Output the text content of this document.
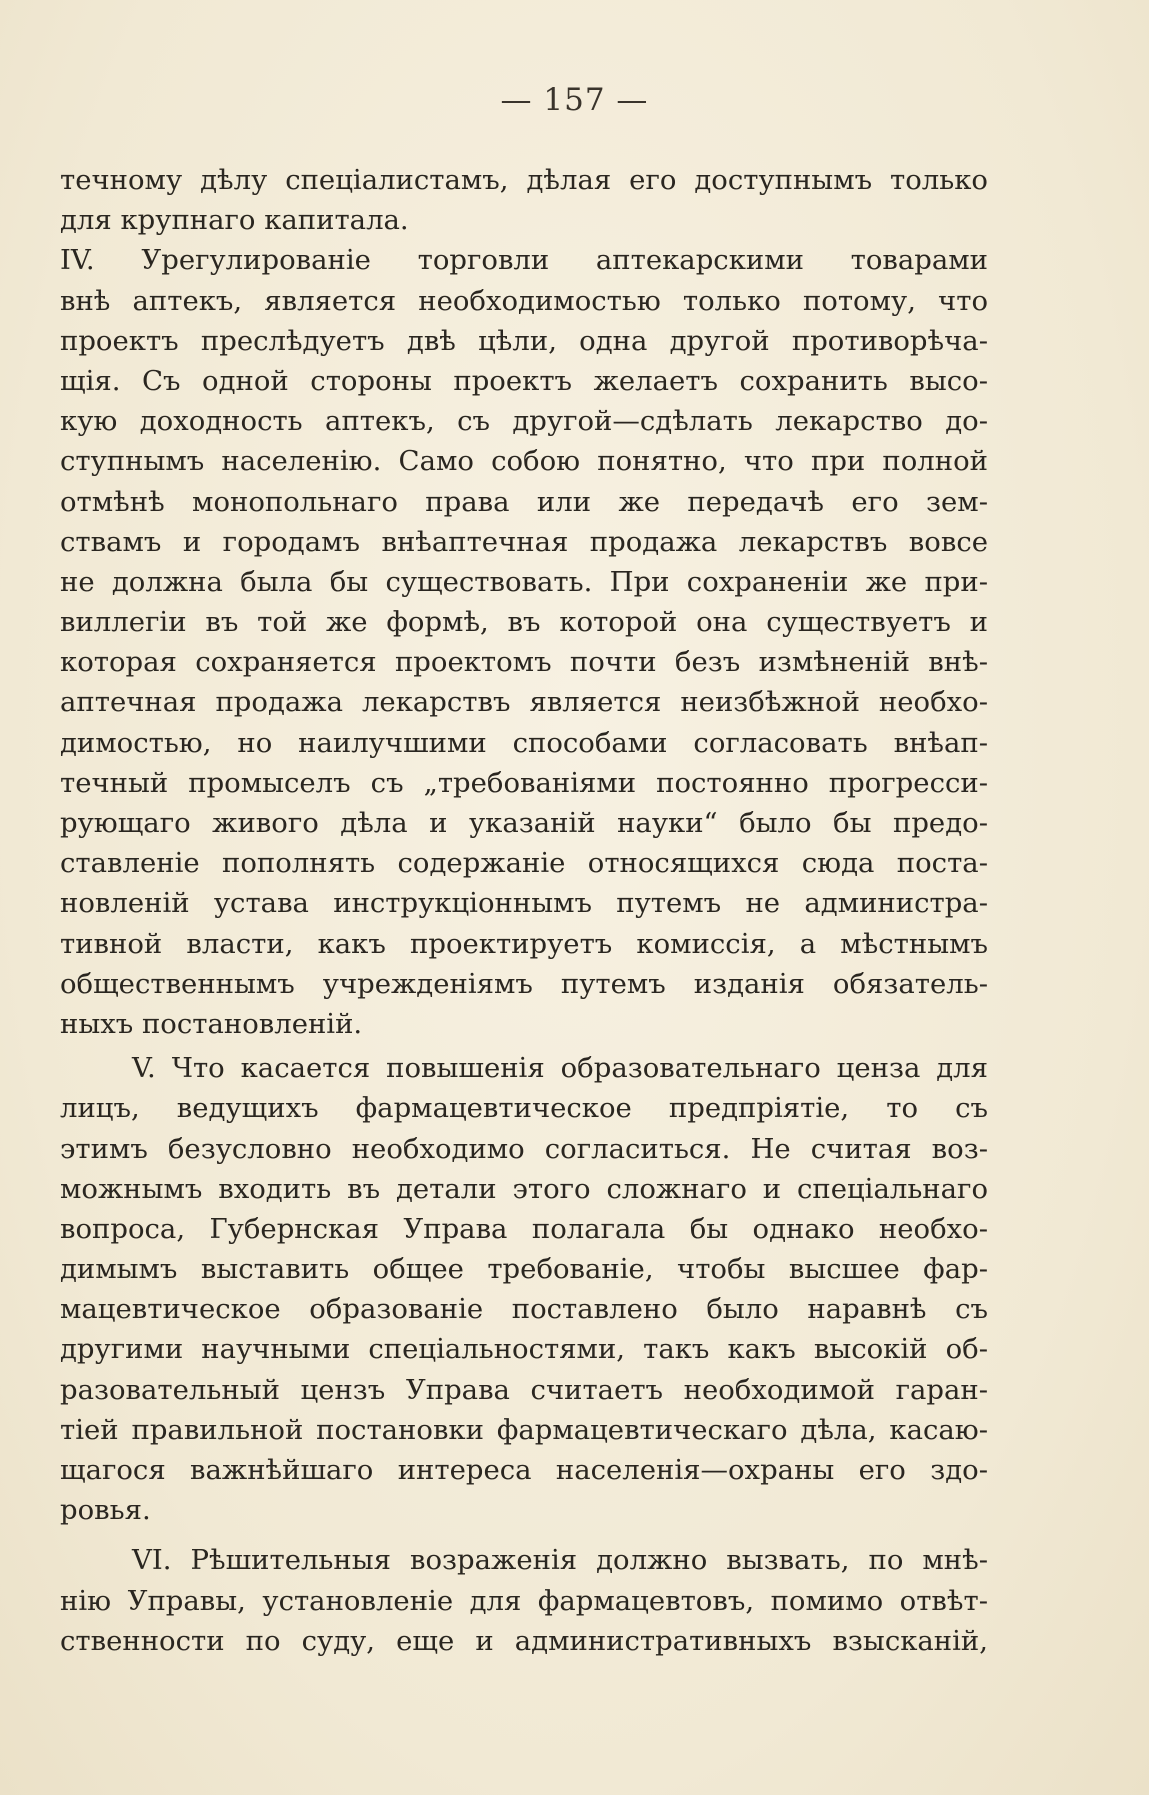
— 157 —
течному дѣлу спеціалистамъ, дѣлая его доступнымъ только
для крупнаго капитала.
IV. Урегулированіе торговли аптекарскими товарами
внѣ аптекъ, является необходимостью только потому, что
проектъ преслѣдуетъ двѣ цѣли, одна другой противорѣча-
щія. Съ одной стороны проектъ желаетъ сохранить высо-
кую доходность аптекъ, съ другой—сдѣлать лекарство до-
ступнымъ населенію. Само собою понятно, что при полной
отмѣнѣ монопольнаго права или же передачѣ его зем-
ствамъ и городамъ внѣаптечная продажа лекарствъ вовсе
не должна была бы существовать. При сохраненіи же при-
виллегіи въ той же формѣ, въ которой она существуетъ и
которая сохраняется проектомъ почти безъ измѣненій внѣ-
аптечная продажа лекарствъ является неизбѣжной необхо-
димостью, но наилучшими способами согласовать внѣап-
течный промыселъ съ „требованіями постоянно прогресси-
рующаго живого дѣла и указаній науки“ было бы предо-
ставленіе пополнять содержаніе относящихся сюда поста-
новленій устава инструкціоннымъ путемъ не администра-
тивной власти, какъ проектируетъ комиссія, а мѣстнымъ
общественнымъ учрежденіямъ путемъ изданія обязатель-
ныхъ постановленій.
V. Что касается повышенія образовательнаго ценза для
лицъ, ведущихъ фармацевтическое предпріятіе, то съ
этимъ безусловно необходимо согласиться. Не считая воз-
можнымъ входить въ детали этого сложнаго и спеціальнаго
вопроса, Губернская Управа полагала бы однако необхо-
димымъ выставить общее требованіе, чтобы высшее фар-
мацевтическое образованіе поставлено было наравнѣ съ
другими научными спеціальностями, такъ какъ высокій об-
разовательный цензъ Управа считаетъ необходимой гаран-
тіей правильной постановки фармацевтическаго дѣла, касаю-
щагося важнѣйшаго интереса населенія—охраны его здо-
ровья.
VI. Рѣшительныя возраженія должно вызвать, по мнѣ-
нію Управы, установленіе для фармацевтовъ, помимо отвѣт-
ственности по суду, еще и административныхъ взысканій,
